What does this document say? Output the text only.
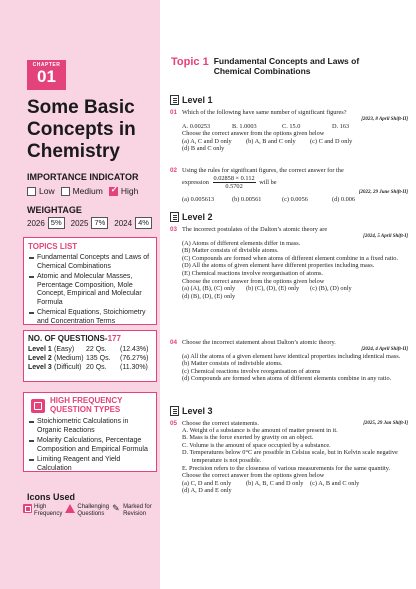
CHAPTER
01
Some Basic
Concepts in
Chemistry
IMPORTANCE INDICATOR
Low Medium
✓ High
WEIGHTAGE
2026 5%	2025 7%	2024 4%
TOPICS LIST
Fundamental Concepts and Laws of Chemical Combinations
Atomic and Molecular Masses, Percentage Composition, Mole Concept, Empirical and Molecular Formula
Chemical Equations, Stoichiometry and Concentration Terms
NO. OF QUESTIONS-177
Level 1 (Easy)	22 Qs.	(12.43%)
Level 2 (Medium) 135 Qs.	(76.27%)
Level 3 (Difficult) 20 Qs.	(11.30%)
HIGH FREQUENCY
QUESTION TYPES
Stoichiometric Calculations in Organic Reactions
Molarity Calculations, Percentage Composition and Empirical Formula
Limiting Reagent and Yield Calculation
Icons Used
High
Frequency
Challenging
Questions
✎ Marked for
Revision
Topic 1 Fundamental Concepts and Laws of Chemical Combinations
Level 1
01 Which of the following have same number of significant figures?
[2023, 8 April Shift-II]
A. 0.00253	B. 1.0003	C. 15.0	D. 163
Choose the correct answer from the options given below
(a) A, C and D only	(b) A, B and C only	(c) C and D only
(d) B and C only
02 Using the rules for significant figures, the correct answer for the
expression $\frac{0.02858 \times 0.112}{0.5702}$ will be
[2022, 29 June Shift-II]
(a) 0.005613	(b) 0.00561	(c) 0.0056	(d) 0.006
Level 2
03 The incorrect postulates of the Dalton’s atomic theory are
[2024, 5 April Shift-I]
(A) Atoms of different elements differ in mass.
(B) Matter consists of divisible atoms.
(C) Compounds are formed when atoms of different element combine in a fixed ratio.
(D) All the atoms of given element have different properties including mass.
(E) Chemical reactions involve reorganisation of atoms.
Choose the correct answer from the options given below
(a) (A), (B), (C) only	(b) (C), (D), (E) only	(c) (B), (D) only
(d) (B), (D), (E) only
04 Choose the incorrect statement about Dalton’s atomic theory.
[2024, 4 April Shift-II]
(a) All the atoms of a given element have identical properties including identical mass.
(b) Matter consists of indivisible atoms.
(c) Chemical reactions involve reorganisation of atoms
(d) Compounds are formed when atoms of different elements combine in any ratio.
Level 3
05 Choose the correct statements.	[2025, 29 Jan Shift-I]
A. Weight of a substance is the amount of matter present in it.
B. Mass is the force exerted by gravity on an object.
C. Volume is the amount of space occupied by a substance.
D. Temperatures below 0°C are possible in Celsius scale, but in Kelvin scale negative temperature is not possible.
E. Precision refers to the closeness of various measurements for the same quantity.
Choose the correct answer from the options given below
(a) C, D and E only	(b) A, B, C and D only	(c) A, B and C only
(d) A, D and E only
